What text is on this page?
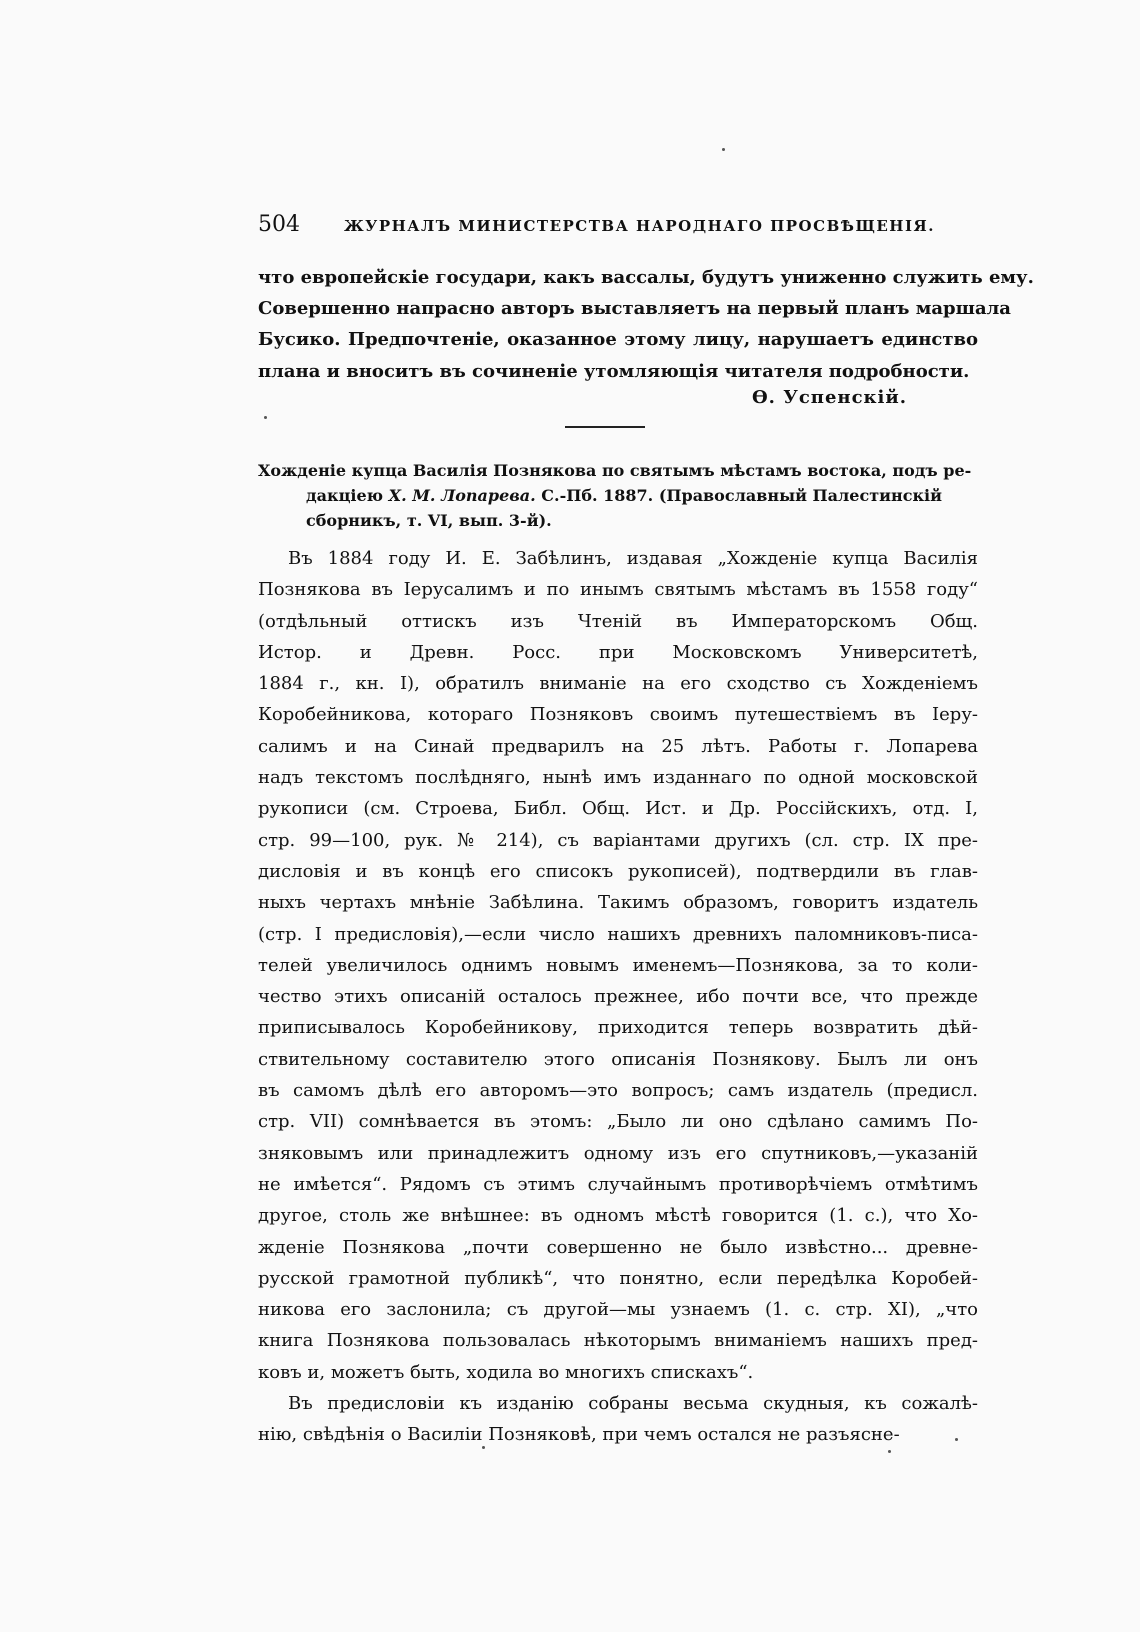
504	ЖУРНАЛЪ МИНИСТЕРСТВА НАРОДНАГО ПРОСВѢЩЕНІЯ.

что европейскіе государи, какъ вассалы, будутъ униженно служить ему.
Совершенно напрасно авторъ выставляетъ на первый планъ маршала
Бусико. Предпочтеніе, оказанное этому лицу, нарушаетъ единство
плана и вноситъ въ сочиненіе утомляющія читателя подробности.

Ѳ. Успенскій.
Хожденіе купца Василія Познякова по святымъ мѣстамъ востока, подъ ре-
дакціею Х. М. Лопарева. С.-Пб. 1887. (Православный Палестинскій
сборникъ, т. VI, вып. 3-й).
Въ 1884 году И. Е. Забѣлинъ, издавая „Хожденіе купца Василія
Познякова въ Іерусалимъ и по инымъ святымъ мѣстамъ въ 1558 году“
(отдѣльный оттискъ изъ Чтеній въ Императорскомъ Общ.
Истор. и Древн. Росс. при Московскомъ Университетѣ,
1884 г., кн. I), обратилъ вниманіе на его сходство съ Хожденіемъ
Коробейникова, котораго Позняковъ своимъ путешествіемъ въ Іеру-
салимъ и на Синай предварилъ на 25 лѣтъ. Работы г. Лопарева
надъ текстомъ послѣдняго, нынѣ имъ изданнаго по одной московской
рукописи (см. Строева, Библ. Общ. Ист. и Др. Россійскихъ, отд. I,
стр. 99—100, рук. № 214), съ варіантами другихъ (сл. стр. IX пре-
дисловія и въ концѣ его списокъ рукописей), подтвердили въ глав-
ныхъ чертахъ мнѣніе Забѣлина. Такимъ образомъ, говоритъ издатель
(стр. I предисловія),—если число нашихъ древнихъ паломниковъ-писа-
телей увеличилось однимъ новымъ именемъ—Познякова, за то коли-
чество этихъ описаній осталось прежнее, ибо почти все, что прежде
приписывалось Коробейникову, приходится теперь возвратить дѣй-
ствительному составителю этого описанія Познякову. Былъ ли онъ
въ самомъ дѣлѣ его авторомъ—это вопросъ; самъ издатель (предисл.
стр. VII) сомнѣвается въ этомъ: „Было ли оно сдѣлано самимъ По-
зняковымъ или принадлежитъ одному изъ его спутниковъ,—указаній
не имѣется“. Рядомъ съ этимъ случайнымъ противорѣчіемъ отмѣтимъ
другое, столь же внѣшнее: въ одномъ мѣстѣ говорится (1. с.), что Хо-
жденіе Познякова „почти совершенно не было извѣстно... древне-
русской грамотной публикѣ“, что понятно, если передѣлка Коробей-
никова его заслонила; съ другой—мы узнаемъ (1. с. стр. XI), „что
книга Познякова пользовалась нѣкоторымъ вниманіемъ нашихъ пред-
ковъ и, можетъ быть, ходила во многихъ спискахъ“.
Въ предисловіи къ изданію собраны весьма скудныя, къ сожалѣ-
нію, свѣдѣнія о Василіи Позняковѣ, при чемъ остался не разъясне-
